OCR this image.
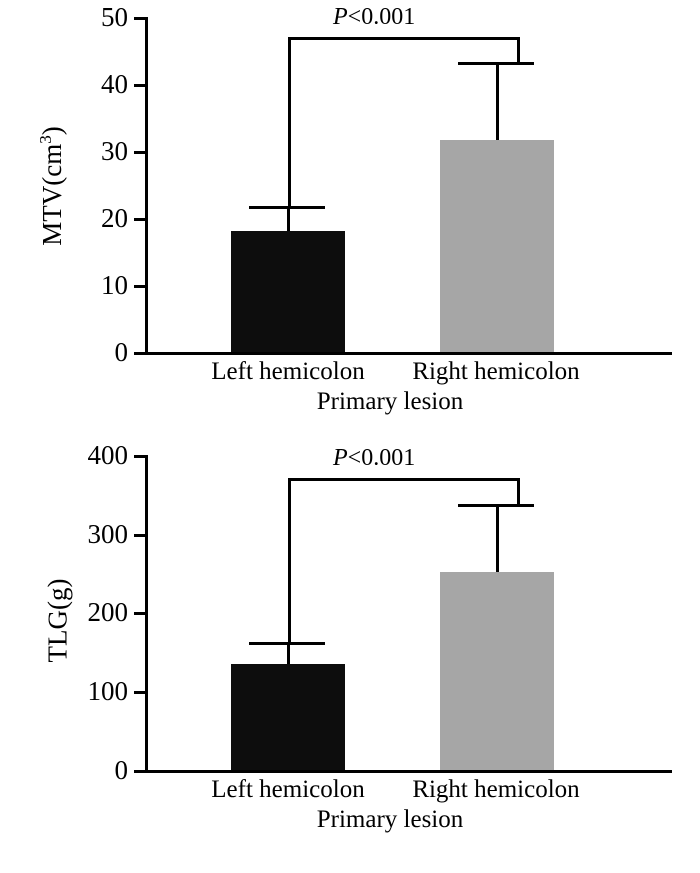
$MTV(cm^3)$
0
10
20
30
40
50	P<0.001
Left hemicolon	Right hemicolon
Primary lesion
TLG(g)
0
100
200
300
400	P<0.001
Left hemicolon	Right hemicolon
Primary lesion
